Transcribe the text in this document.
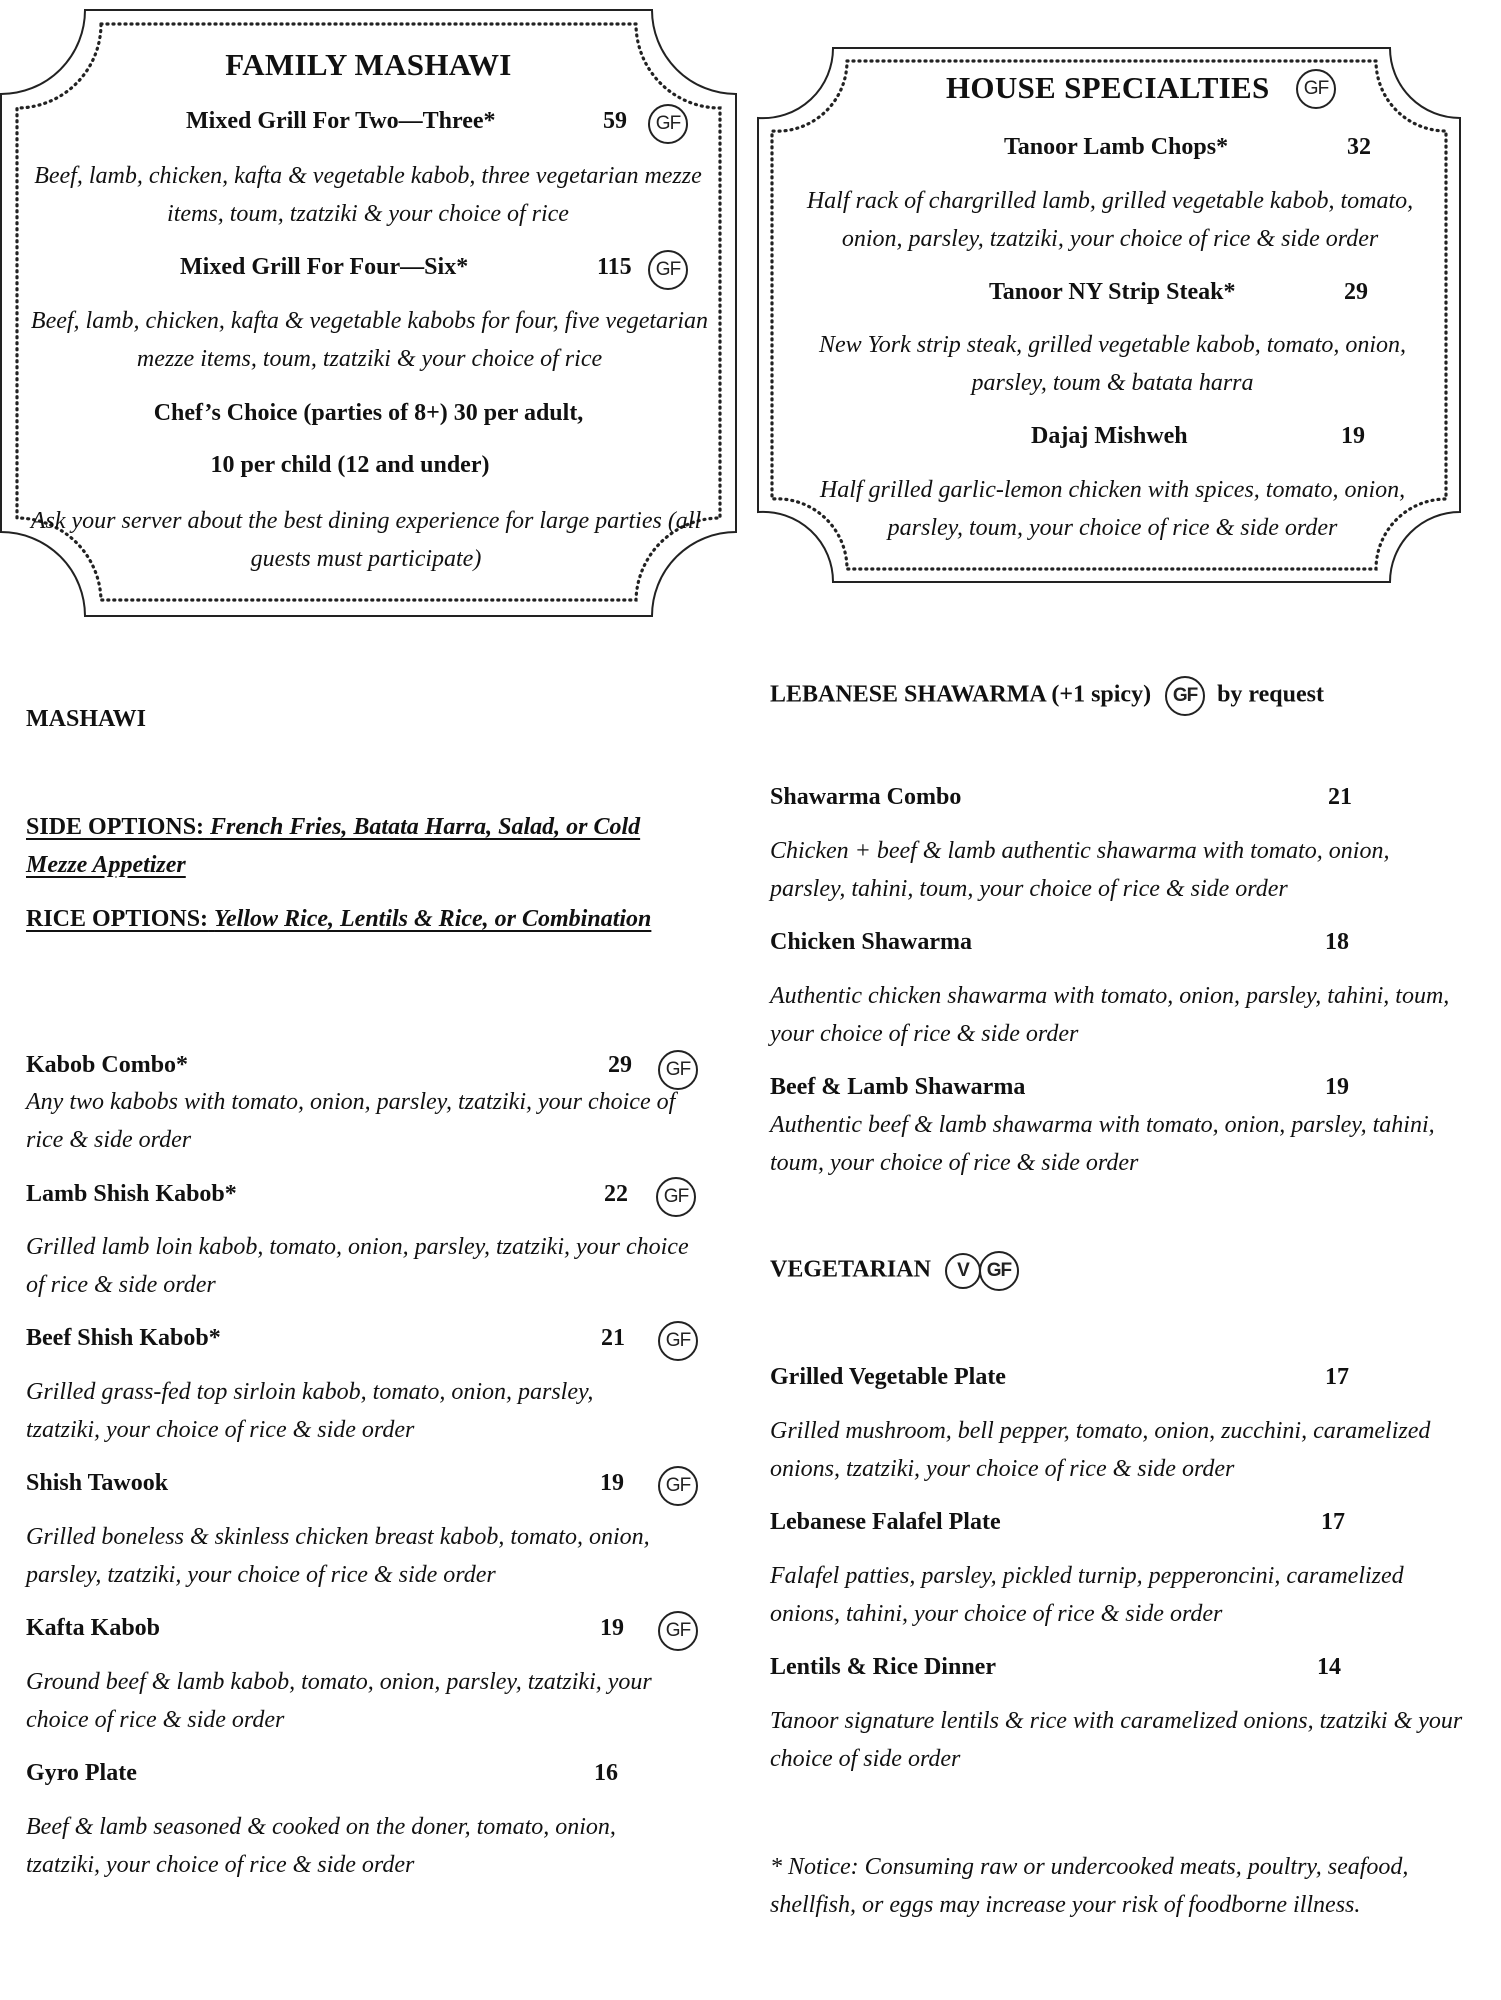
FAMILY MASHAWI
Mixed Grill For Two—Three*	59	GF
Beef, lamb, chicken, kafta & vegetable kabob, three vegetarian mezze items, toum, tzatziki & your choice of rice
Mixed Grill For Four—Six*	115	GF
Beef, lamb, chicken, kafta & vegetable kabobs for four, five vegetarian mezze items, toum, tzatziki & your choice of rice
Chef’s Choice (parties of 8+) 30 per adult,
10 per child (12 and under)
Ask your server about the best dining experience for large parties (all guests must participate)
HOUSE SPECIALTIES	GF
Tanoor Lamb Chops*	32
Half rack of chargrilled lamb, grilled vegetable kabob, tomato, onion, parsley, tzatziki, your choice of rice & side order
Tanoor NY Strip Steak*	29
New York strip steak, grilled vegetable kabob, tomato, onion, parsley, toum & batata harra
Dajaj Mishweh	19
Half grilled garlic-lemon chicken with spices, tomato, onion, parsley, toum, your choice of rice & side order
MASHAWI
SIDE OPTIONS: French Fries, Batata Harra, Salad, or Cold Mezze Appetizer
RICE OPTIONS: Yellow Rice, Lentils & Rice, or Combination
Kabob Combo*	29	GF
Any two kabobs with tomato, onion, parsley, tzatziki, your choice of rice & side order
Lamb Shish Kabob*	22	GF
Grilled lamb loin kabob, tomato, onion, parsley, tzatziki, your choice of rice & side order
Beef Shish Kabob*	21	GF
Grilled grass-fed top sirloin kabob, tomato, onion, parsley, tzatziki, your choice of rice & side order
Shish Tawook	19	GF
Grilled boneless & skinless chicken breast kabob, tomato, onion, parsley, tzatziki, your choice of rice & side order
Kafta Kabob	19	GF
Ground beef & lamb kabob, tomato, onion, parsley, tzatziki, your choice of rice & side order
Gyro Plate	16
Beef & lamb seasoned & cooked on the doner, tomato, onion, tzatziki, your choice of rice & side order
LEBANESE SHAWARMA (+1 spicy) GF by request
Shawarma Combo	21
Chicken + beef & lamb authentic shawarma with tomato, onion, parsley, tahini, toum, your choice of rice & side order
Chicken Shawarma	18
Authentic chicken shawarma with tomato, onion, parsley, tahini, toum, your choice of rice & side order
Beef & Lamb Shawarma	19
Authentic beef & lamb shawarma with tomato, onion, parsley, tahini, toum, your choice of rice & side order
VEGETARIAN V GF
Grilled Vegetable Plate	17
Grilled mushroom, bell pepper, tomato, onion, zucchini, caramelized onions, tzatziki, your choice of rice & side order
Lebanese Falafel Plate	17
Falafel patties, parsley, pickled turnip, pepperoncini, caramelized onions, tahini, your choice of rice & side order
Lentils & Rice Dinner	14
Tanoor signature lentils & rice with caramelized onions, tzatziki & your choice of side order
* Notice: Consuming raw or undercooked meats, poultry, seafood, shellfish, or eggs may increase your risk of foodborne illness.
